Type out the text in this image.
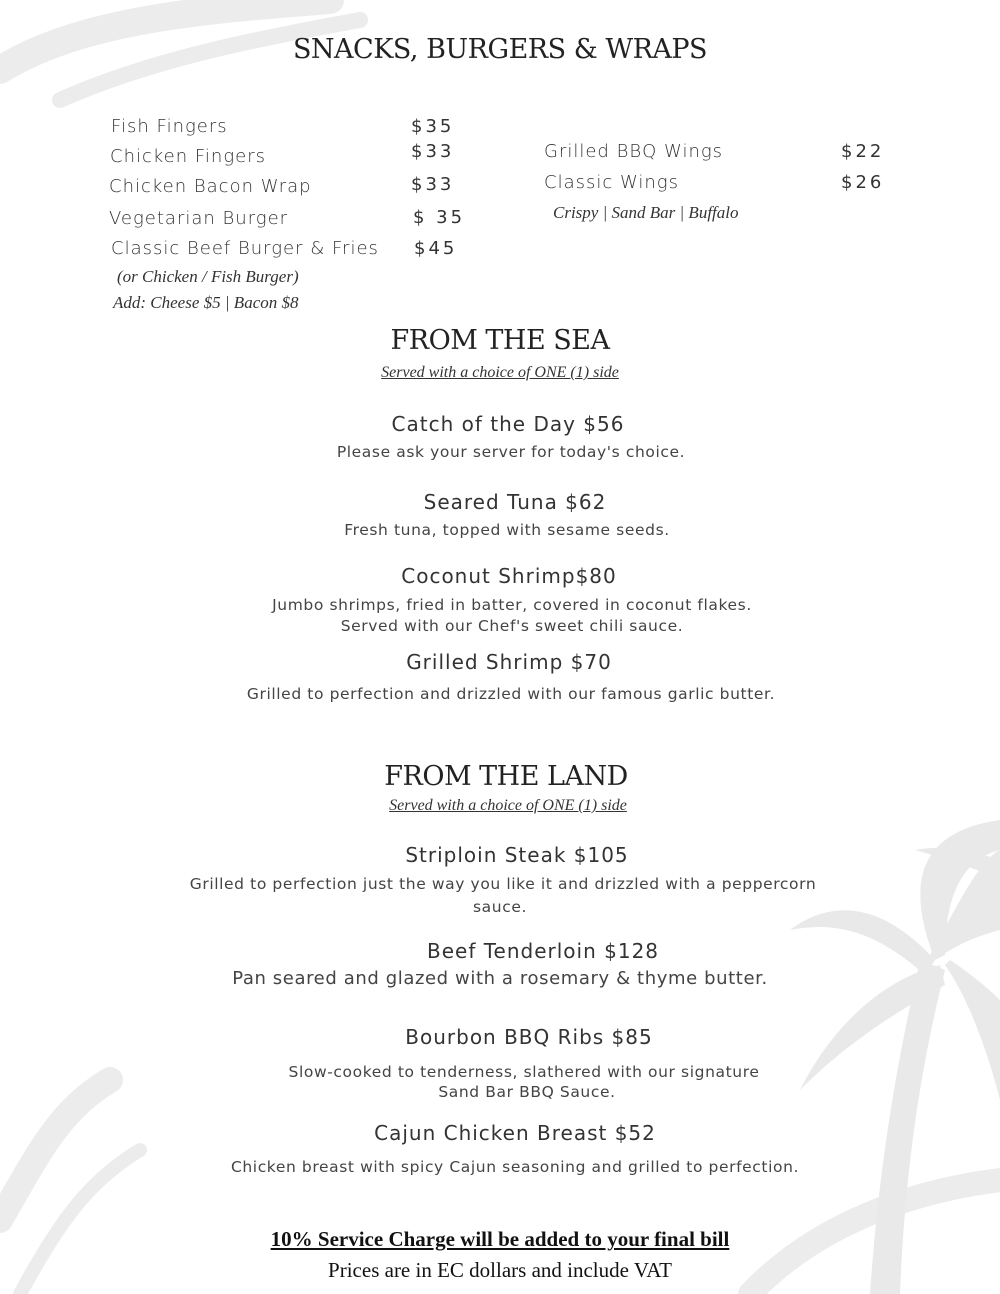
SNACKS, BURGERS & WRAPS
Fish Fingers	$35
Chicken Fingers	$33
Chicken Bacon Wrap	$33
Vegetarian Burger	$ 35
Classic Beef Burger & Fries $45
(or Chicken / Fish Burger)
Add: Cheese $5 | Bacon $8
Grilled BBQ Wings	$22
Classic Wings	$26
Crispy | Sand Bar | Buffalo
FROM THE SEA
Served with a choice of ONE (1) side
Catch of the Day $56
Please ask your server for today's choice.
Seared Tuna $62
Fresh tuna, topped with sesame seeds.
Coconut Shrimp$80
Jumbo shrimps, fried in batter, covered in coconut flakes.
Served with our Chef's sweet chili sauce.
Grilled Shrimp $70
Grilled to perfection and drizzled with our famous garlic butter.
FROM THE LAND
Served with a choice of ONE (1) side
Striploin Steak $105
Grilled to perfection just the way you like it and drizzled with a peppercorn
sauce.
Beef Tenderloin $128
Pan seared and glazed with a rosemary & thyme butter.
Bourbon BBQ Ribs $85
Slow-cooked to tenderness, slathered with our signature
Sand Bar BBQ Sauce.
Cajun Chicken Breast $52
Chicken breast with spicy Cajun seasoning and grilled to perfection.
10% Service Charge will be added to your final bill
Prices are in EC dollars and include VAT
